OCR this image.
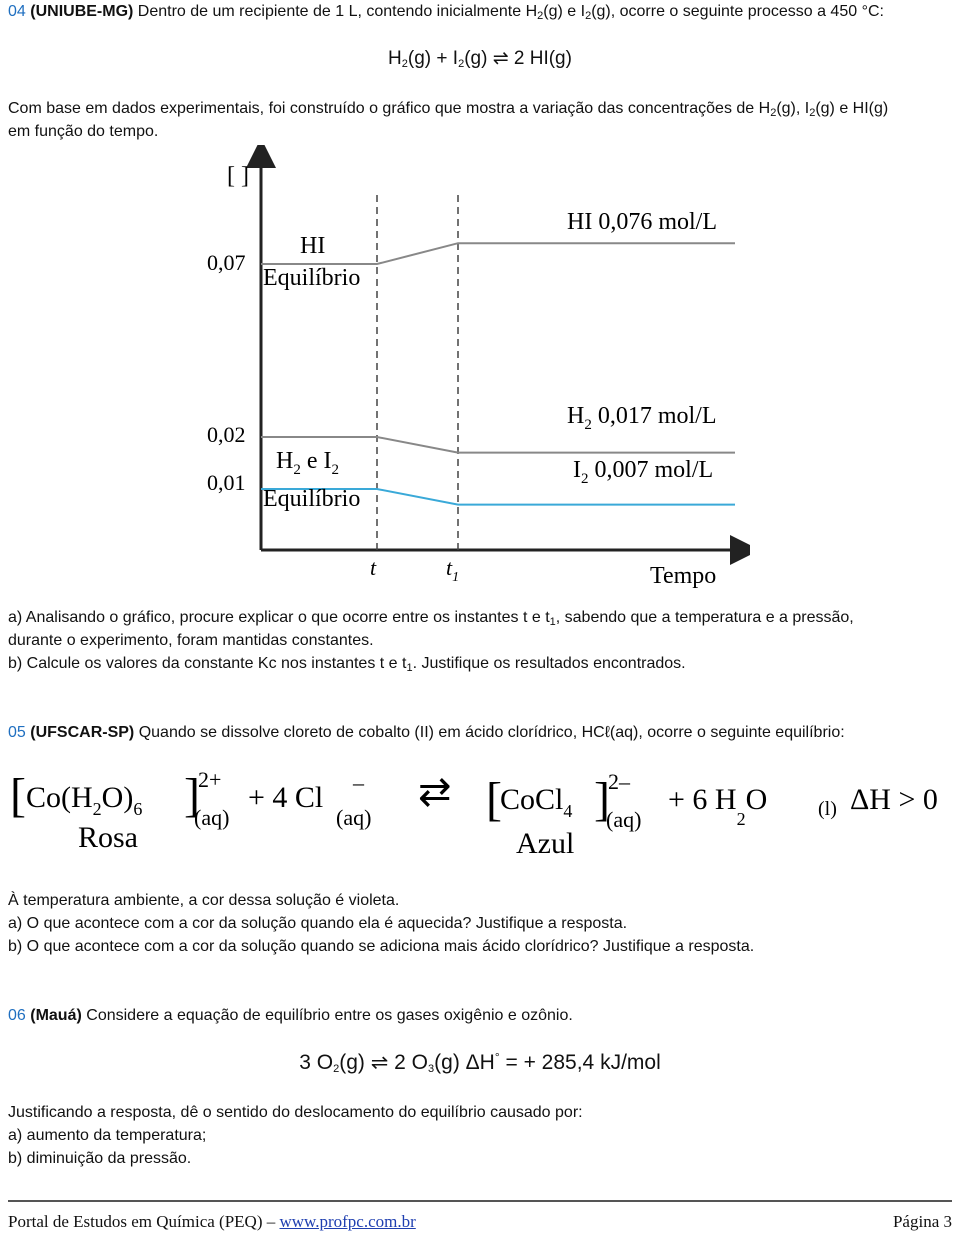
04 (UNIUBE-MG) Dentro de um recipiente de 1 L, contendo inicialmente $H_2(g)$ e $I_2(g)$, ocorre o seguinte processo a 450 °C:
$H_2(g) + I_2(g)$ ⇌ 2 HI(g)
Com base em dados experimentais, foi construído o gráfico que mostra a variação das concentrações de $H_2(g)$, $I_2(g)$ e HI(g)
em função do tempo.
[ ]
0,07
0,02
0,01
t	$t_1$	Tempo
HI
Equilíbrio
HI 0,076 mol/L
$H_2$ e $I_2$
Equilíbrio
$H_2$ 0,017 mol/L
$I_2$ 0,007 mol/L
a) Analisando o gráfico, procure explicar o que ocorre entre os instantes t e $t_1$, sabendo que a temperatura e a pressão,
durante o experimento, foram mantidas constantes.
b) Calcule os valores da constante Kc nos instantes t e $t_1$. Justifique os resultados encontrados.
05 (UFSCAR-SP) Quando se dissolve cloreto de cobalto (II) em ácido clorídrico, HCℓ(aq), ocorre o seguinte equilíbrio:
[ $Co(H_2O)_6$ ]
2+
(aq)
+ 4 Cl –
(aq)
Rosa
⇄ [
CoCl$_4$ ]
2–
(aq)
+ 6 $H_2O$	(l) ΔH > 0
Azul
À temperatura ambiente, a cor dessa solução é violeta.
a) O que acontece com a cor da solução quando ela é aquecida? Justifique a resposta.
b) O que acontece com a cor da solução quando se adiciona mais ácido clorídrico? Justifique a resposta.
06 (Mauá) Considere a equação de equilíbrio entre os gases oxigênio e ozônio.
3 $O_2(g)$ ⇌ 2 $O_3(g) \Delta H^\circ$ = + 285,4 kJ/mol
Justificando a resposta, dê o sentido do deslocamento do equilíbrio causado por:
a) aumento da temperatura;
b) diminuição da pressão.
Portal de Estudos em Química (PEQ) – www.profpc.com.br	Página 3
